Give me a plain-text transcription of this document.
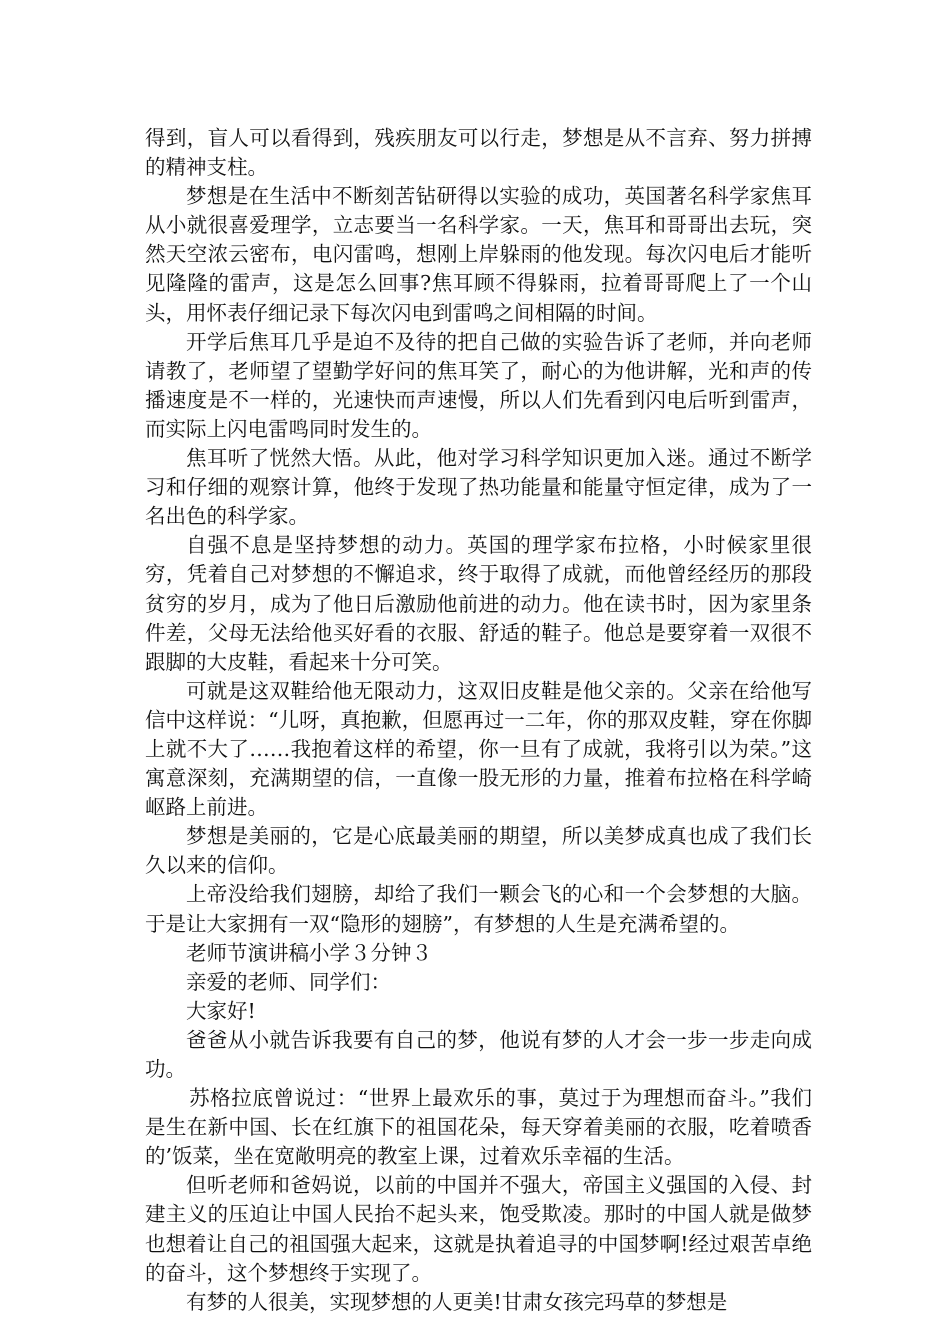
得到，盲人可以看得到，残疾朋友可以行走，梦想是从不言弃、努力拼搏的精神支柱。

梦想是在生活中不断刻苦钻研得以实验的成功，英国著名科学家焦耳从小就很喜爱理学，立志要当一名科学家。一天，焦耳和哥哥出去玩，突然天空浓云密布，电闪雷鸣，想刚上岸躲雨的他发现。每次闪电后才能听见隆隆的雷声，这是怎么回事?焦耳顾不得躲雨，拉着哥哥爬上了一个山头，用怀表仔细记录下每次闪电到雷鸣之间相隔的时间。

开学后焦耳几乎是迫不及待的把自己做的实验告诉了老师，并向老师请教了，老师望了望勤学好问的焦耳笑了，耐心的为他讲解，光和声的传播速度是不一样的，光速快而声速慢，所以人们先看到闪电后听到雷声，而实际上闪电雷鸣同时发生的。

焦耳听了恍然大悟。从此，他对学习科学知识更加入迷。通过不断学习和仔细的观察计算，他终于发现了热功能量和能量守恒定律，成为了一名出色的科学家。

自强不息是坚持梦想的动力。英国的理学家布拉格，小时候家里很穷，凭着自己对梦想的不懈追求，终于取得了成就，而他曾经经历的那段贫穷的岁月，成为了他日后激励他前进的动力。他在读书时，因为家里条件差，父母无法给他买好看的衣服、舒适的鞋子。他总是要穿着一双很不跟脚的大皮鞋，看起来十分可笑。

可就是这双鞋给他无限动力，这双旧皮鞋是他父亲的。父亲在给他写信中这样说：“儿呀，真抱歉，但愿再过一二年，你的那双皮鞋，穿在你脚上就不大了……我抱着这样的希望，你一旦有了成就，我将引以为荣。”这寓意深刻，充满期望的信，一直像一股无形的力量，推着布拉格在科学崎岖路上前进。

梦想是美丽的，它是心底最美丽的期望，所以美梦成真也成了我们长久以来的信仰。

上帝没给我们翅膀，却给了我们一颗会飞的心和一个会梦想的大脑。于是让大家拥有一双“隐形的翅膀”，有梦想的人生是充满希望的。

老师节演讲稿小学３分钟３

亲爱的老师、同学们：

大家好!

爸爸从小就告诉我要有自己的梦，他说有梦的人才会一步一步走向成功。

苏格拉底曾说过：“世界上最欢乐的事，莫过于为理想而奋斗。”我们是生在新中国、长在红旗下的祖国花朵，每天穿着美丽的衣服，吃着喷香的’饭菜，坐在宽敞明亮的教室上课，过着欢乐幸福的生活。

但听老师和爸妈说，以前的中国并不强大，帝国主义强国的入侵、封建主义的压迫让中国人民抬不起头来，饱受欺凌。那时的中国人就是做梦也想着让自己的祖国强大起来，这就是执着追寻的中国梦啊!经过艰苦卓绝的奋斗，这个梦想终于实现了。

有梦的人很美，实现梦想的人更美!甘肃女孩完玛草的梦想是
